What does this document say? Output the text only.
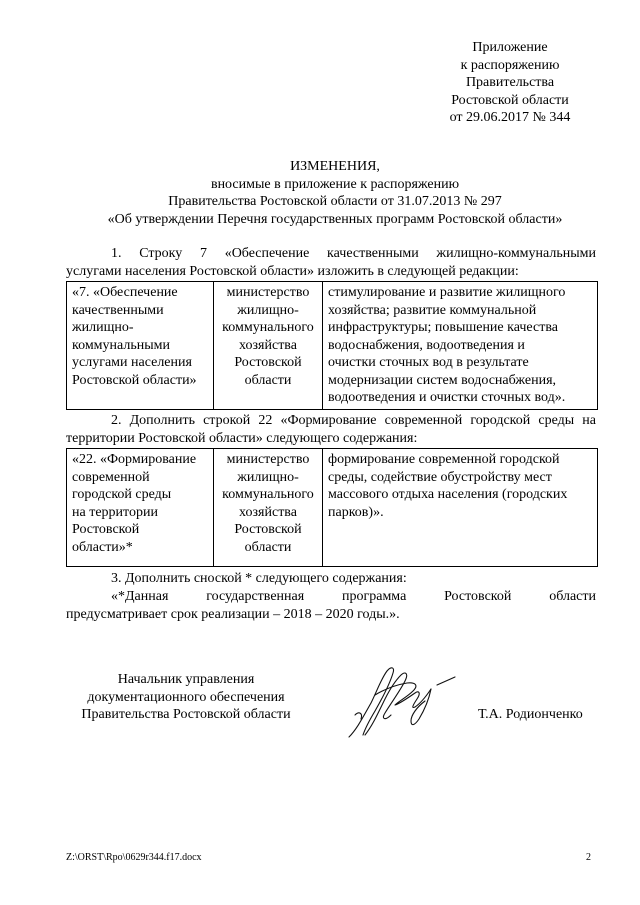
Приложение
к распоряжению
Правительства
Ростовской области
от 29.06.2017 № 344
ИЗМЕНЕНИЯ,
вносимые в приложение к распоряжению
Правительства Ростовской области от 31.07.2013 № 297
«Об утверждении Перечня государственных программ Ростовской области»
1. Строку 7 «Обеспечение качественными жилищно-коммунальными
услугами населения Ростовской области» изложить в следующей редакции:
«7. «Обеспечение
качественными
жилищно-
коммунальными
услугами населения
Ростовской области»

министерство
жилищно-
коммунального
хозяйства
Ростовской
области

стимулирование и развитие жилищного
хозяйства; развитие коммунальной
инфраструктуры; повышение качества
водоснабжения, водоотведения и
очистки сточных вод в результате
модернизации систем водоснабжения,
водоотведения и очистки сточных вод».
2. Дополнить строкой 22 «Формирование современной городской среды на
территории Ростовской области» следующего содержания:
«22. «Формирование
современной
городской среды
на территории
Ростовской
области»*

министерство
жилищно-
коммунального
хозяйства
Ростовской
области

формирование современной городской
среды, содействие обустройству мест
массового отдыха населения (городских
парков)».
3. Дополнить сноской * следующего содержания:
«*Данная государственная программа Ростовской области
предусматривает срок реализации – 2018 – 2020 годы.».
Начальник управления
документационного обеспечения
Правительства Ростовской области	Т.А. Родионченко
Z:\ORST\Rpo\0629r344.f17.docx	2
